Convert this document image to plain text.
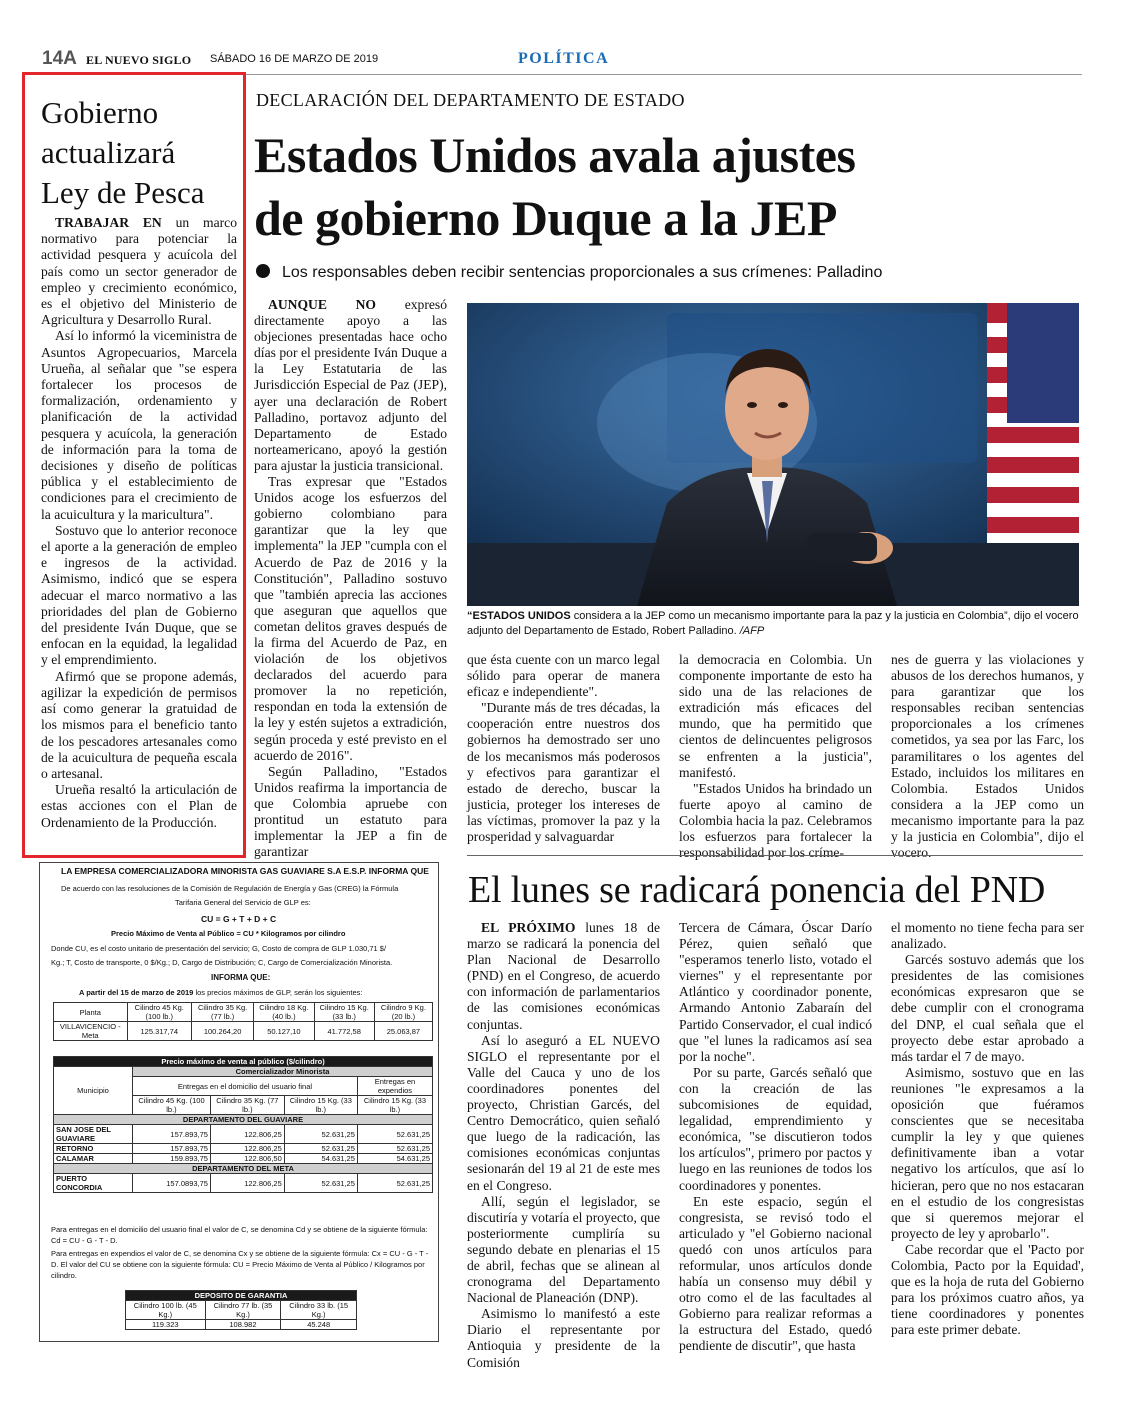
14A EL NUEVO SIGLO SÁBADO 16 DE MARZO DE 2019	POLÍTICA
Gobierno
actualizará
Ley de Pesca

TRABAJAR EN un marco normativo para potenciar la actividad pesquera y acuícola del país como un sector generador de empleo y crecimiento económico, es el objetivo del Ministerio de Agricultura y Desarrollo Rural.

Así lo informó la viceministra de Asuntos Agropecuarios, Marcela Urueña, al señalar que "se espera fortalecer los procesos de formalización, ordenamiento y planificación de la actividad pesquera y acuícola, la generación de información para la toma de decisiones y diseño de políticas pública y el establecimiento de condiciones para el crecimiento de la acuicultura y la maricultura".

Sostuvo que lo anterior reconoce el aporte a la generación de empleo e ingresos de la actividad. Asimismo, indicó que se espera adecuar el marco normativo a las prioridades del plan de Gobierno del presidente Iván Duque, que se enfocan en la equidad, la legalidad y el emprendimiento.

Afirmó que se propone además, agilizar la expedición de permisos así como generar la gratuidad de los mismos para el beneficio tanto de los pescadores artesanales como de la acuicultura de pequeña escala o artesanal.

Urueña resaltó la articulación de estas acciones con el Plan de Ordenamiento de la Producción.

DECLARACIÓN DEL DEPARTAMENTO DE ESTADO
Estados Unidos avala ajustes
de gobierno Duque a la JEP
Los responsables deben recibir sentencias proporcionales a sus crímenes: Palladino

AUNQUE NO expresó directamente apoyo a las objeciones presentadas hace ocho días por el presidente Iván Duque a la Ley Estatutaria de las Jurisdicción Especial de Paz (JEP), ayer una declaración de Robert Palladino, portavoz adjunto del Departamento de Estado norteamericano, apoyó la gestión para ajustar la justicia transicional.

Tras expresar que "Estados Unidos acoge los esfuerzos del gobierno colombiano para garantizar que la ley que implementa" la JEP "cumpla con el Acuerdo de Paz de 2016 y la Constitución", Palladino sostuvo que "también aprecia las acciones que aseguran que aquellos que cometan delitos graves después de la firma del Acuerdo de Paz, en violación de los objetivos declarados del acuerdo para promover la no repetición, respondan en toda la extensión de la ley y estén sujetos a extradición, según proceda y esté previsto en el acuerdo de 2016".

Según Palladino, "Estados Unidos reafirma la importancia de que Colombia apruebe con prontitud un estatuto para implementar la JEP a fin de garantizar

“ESTADOS UNIDOS considera a la JEP como un mecanismo importante para la paz y la justicia en Colombia”, dijo el vocero adjunto del Departamento de Estado, Robert Palladino. /AFP

que ésta cuente con un marco legal sólido para operar de manera eficaz e independiente".

"Durante más de tres décadas, la cooperación entre nuestros dos gobiernos ha demostrado ser uno de los mecanismos más poderosos y efectivos para garantizar el estado de derecho, buscar la justicia, proteger los intereses de las víctimas, promover la paz y la prosperidad y salvaguardar

la democracia en Colombia. Un componente importante de esto ha sido una de las relaciones de extradición más eficaces del mundo, que ha permitido que cientos de delincuentes peligrosos se enfrenten a la justicia", manifestó.

"Estados Unidos ha brindado un fuerte apoyo al camino de Colombia hacia la paz. Celebramos los esfuerzos para fortalecer la responsabilidad por los críme-

nes de guerra y las violaciones y abusos de los derechos humanos, y para garantizar que los responsables reciban sentencias proporcionales a los crímenes cometidos, ya sea por las Farc, los paramilitares o los agentes del Estado, incluidos los militares en Colombia. Estados Unidos considera a la JEP como un mecanismo importante para la paz y la justicia en Colombia", dijo el vocero.

El lunes se radicará ponencia del PND

EL PRÓXIMO lunes 18 de marzo se radicará la ponencia del Plan Nacional de Desarrollo (PND) en el Congreso, de acuerdo con información de parlamentarios de las comisiones económicas conjuntas.

Así lo aseguró a EL NUEVO SIGLO el representante por el Valle del Cauca y uno de los coordinadores ponentes del proyecto, Christian Garcés, del Centro Democrático, quien señaló que luego de la radicación, las comisiones económicas conjuntas sesionarán del 19 al 21 de este mes en el Congreso.

Allí, según el legislador, se discutiría y votaría el proyecto, que posteriormente cumpliría su segundo debate en plenarias el 15 de abril, fechas que se alinean al cronograma del Departamento Nacional de Planeación (DNP).

Asimismo lo manifestó a este Diario el representante por Antioquia y presidente de la Comisión

Tercera de Cámara, Óscar Darío Pérez, quien señaló que "esperamos tenerlo listo, votado el viernes" y el representante por Atlántico y coordinador ponente, Armando Antonio Zabaraín del Partido Conservador, el cual indicó que "el lunes la radicamos así sea por la noche".

Por su parte, Garcés señaló que con la creación de las subcomisiones de equidad, legalidad, emprendimiento y económica, "se discutieron todos los artículos", primero por pactos y luego en las reuniones de todos los coordinadores y ponentes.

En este espacio, según el congresista, se revisó todo el articulado y "el Gobierno nacional quedó con unos artículos para reformular, unos artículos donde había un consenso muy débil y otro como el de las facultades al Gobierno para realizar reformas a la estructura del Estado, quedó pendiente de discutir", que hasta

el momento no tiene fecha para ser analizado.

Garcés sostuvo además que los presidentes de las comisiones económicas expresaron que se debe cumplir con el cronograma del DNP, el cual señala que el proyecto debe estar aprobado a más tardar el 7 de mayo.

Asimismo, sostuvo que en las reuniones "le expresamos a la oposición que fuéramos conscientes que se necesitaba cumplir la ley y que quienes definitivamente iban a votar negativo los artículos, que así lo hicieran, pero que no nos estacaran en el estudio de los congresistas que si queremos mejorar el proyecto de ley y aprobarlo".

Cabe recordar que el 'Pacto por Colombia, Pacto por la Equidad', que es la hoja de ruta del Gobierno para los próximos cuatro años, ya tiene coordinadores y ponentes para este primer debate.

LA EMPRESA COMERCIALIZADORA MINORISTA GAS GUAVIARE S.A E.S.P. INFORMA QUE
De acuerdo con las resoluciones de la Comisión de Regulación de Energía y Gas (CREG) la Fórmula
Tarifaria General del Servicio de GLP es:
CU = G + T + D + C
Precio Máximo de Venta al Público = CU * Kilogramos por cilindro
Donde CU, es el costo unitario de presentación del servicio; G, Costo de compra de GLP 1.030,71 $/
Kg.; T, Costo de transporte, 0 $/Kg.; D, Cargo de Distribución; C, Cargo de Comercialización Minorista.
INFORMA QUE:
A partir del 15 de marzo de 2019 los precios máximos de GLP, serán los siguientes:
Planta	Cilindro 45 Kg. (100 lb.)	Cilindro 35 Kg. (77 lb.)	Cilindro 18 Kg. (40 lb.)	Cilindro 15 Kg. (33 lb.)	Cilindro 9 Kg. (20 lb.)
VILLAVICENCIO - Meta	125.317,74	100.264,20	50.127,10	41.772,58	25.063,87
Precio máximo de venta al público ($/cilindro)				
Municipio	Comercializador Minorista			
	Entregas en el domicilio del usuario final			Entregas en expendios

	Cilindro 45 Kg. (100 lb.)	Cilindro 35 Kg. (77 lb.)	Cilindro 15 Kg. (33 lb.)	Cilindro 15 Kg. (33 lb.)
DEPARTAMENTO DEL GUAVIARE				
SAN JOSE DEL GUAVIARE	157.893,75	122.806,25	52.631,25	52.631,25
RETORNO	157.893,75	122.806,25	52.631,25	52.631,25
CALAMAR	159.893,75	122.806,50	54.631,25	54.631,25
DEPARTAMENTO DEL META				
PUERTO CONCORDIA	157.0893,75	122.806,25	52.631,25	52.631,25
Para entregas en el domicilio del usuario final el valor de C, se denomina Cd y se obtiene de la siguiente fórmula: Cd = CU - G - T - D.
Para entregas en expendios el valor de C, se denomina Cx y se obtiene de la siguiente fórmula: Cx = CU - G - T - D. El valor del CU se obtiene con la siguiente fórmula: CU = Precio Máximo de Venta al Público / Kilogramos por cilindro.
DEPOSITO DE GARANTIA		
Cilindro 100 lb. (45 Kg.)	Cilindro 77 lb. (35 Kg.)	Cilindro 33 lb. (15 Kg.)
119.323	108.982	45.248
